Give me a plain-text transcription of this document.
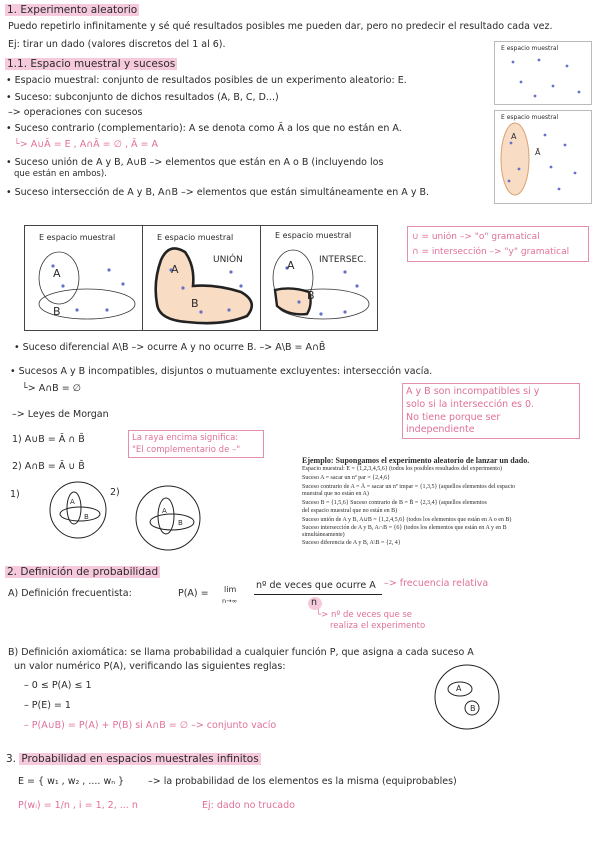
1. Experimento aleatorio
Puedo repetirlo infinitamente y sé qué resultados posibles me pueden dar, pero no predecir el resultado cada vez.
Ej: tirar un dado (valores discretos del 1 al 6).
1.1. Espacio muestral y sucesos
• Espacio muestral: conjunto de resultados posibles de un experimento aleatorio: E.
• Suceso: subconjunto de dichos resultados (A, B, C, D...)
–> operaciones con sucesos
• Suceso contrario (complementario): A se denota como Ā a los que no están en A.
└> A∪Ā = E , A∩Ā = ∅ , Ā = A
• Suceso unión de A y B, A∪B –> elementos que están en A o B (incluyendo los
que están en ambos).
• Suceso intersección de A y B, A∩B –> elementos que están simultáneamente en A y B.
E espacio muestral
E espacio muestral
A
Ā
E espacio muestral
A
B
E espacio muestral
A
B
UNIÓN
E espacio muestral
A
B
INTERSEC.
∪ = unión –> "o" gramatical
∩ = intersección –> "y" gramatical
• Suceso diferencial A\B –> ocurre A y no ocurre B. –> A\B = A∩B̄
• Sucesos A y B incompatibles, disjuntos o mutuamente excluyentes: intersección vacía.
└> A∩B = ∅	A y B son incompatibles si y
solo si la intersección es 0.
No tiene porque ser
independiente
–> Leyes de Morgan
1) A∪B = Ā ∩ B̄
2) A∩B = Ā ∪ B̄
La raya encima significa:
"El complementario de –"
1)	2)
A
B
A
B
Ejemplo: Supongamos el experimento aleatorio de lanzar un dado.
Espacio muestral: E = {1,2,3,4,5,6} (todos los posibles resultados del experimento)
Suceso A = sacar un nº par = {2,4,6}
Suceso contrario de A = Ā = sacar un nº impar = {1,3,5} (aquellos elementos del espacio
muestral que no están en A)
Suceso B = {1,5,6} Suceso contrario de B = B̄ = {2,3,4} (aquellos elementos
del espacio muestral que no están en B)
Suceso unión de A y B, A∪B = {1,2,4,5,6} (todos los elementos que están en A o en B)
Suceso intersección de A y B, A∩B = {6} (todos los elementos que están en A y en B
simultáneamente)
Suceso diferencia de A y B, A\B = {2, 4}
2. Definición de probabilidad
A) Definición frecuentista:	P(A) = lim
n→∞
nº de veces que ocurre A
n
–> frecuencia relativa
└> nº de veces que se
realiza el experimento
B) Definición axiomática: se llama probabilidad a cualquier función P, que asigna a cada suceso A
un valor numérico P(A), verificando las siguientes reglas:
– 0 ≤ P(A) ≤ 1
– P(E) = 1
– P(A∪B) = P(A) + P(B) si A∩B = ∅ –> conjunto vacío
A
B
3. Probabilidad en espacios muestrales infinitos
E = { w₁ , w₂ , .... wₙ }	–> la probabilidad de los elementos es la misma (equiprobables)
P(wᵢ) = 1/n , i = 1, 2, ... n	Ej: dado no trucado
